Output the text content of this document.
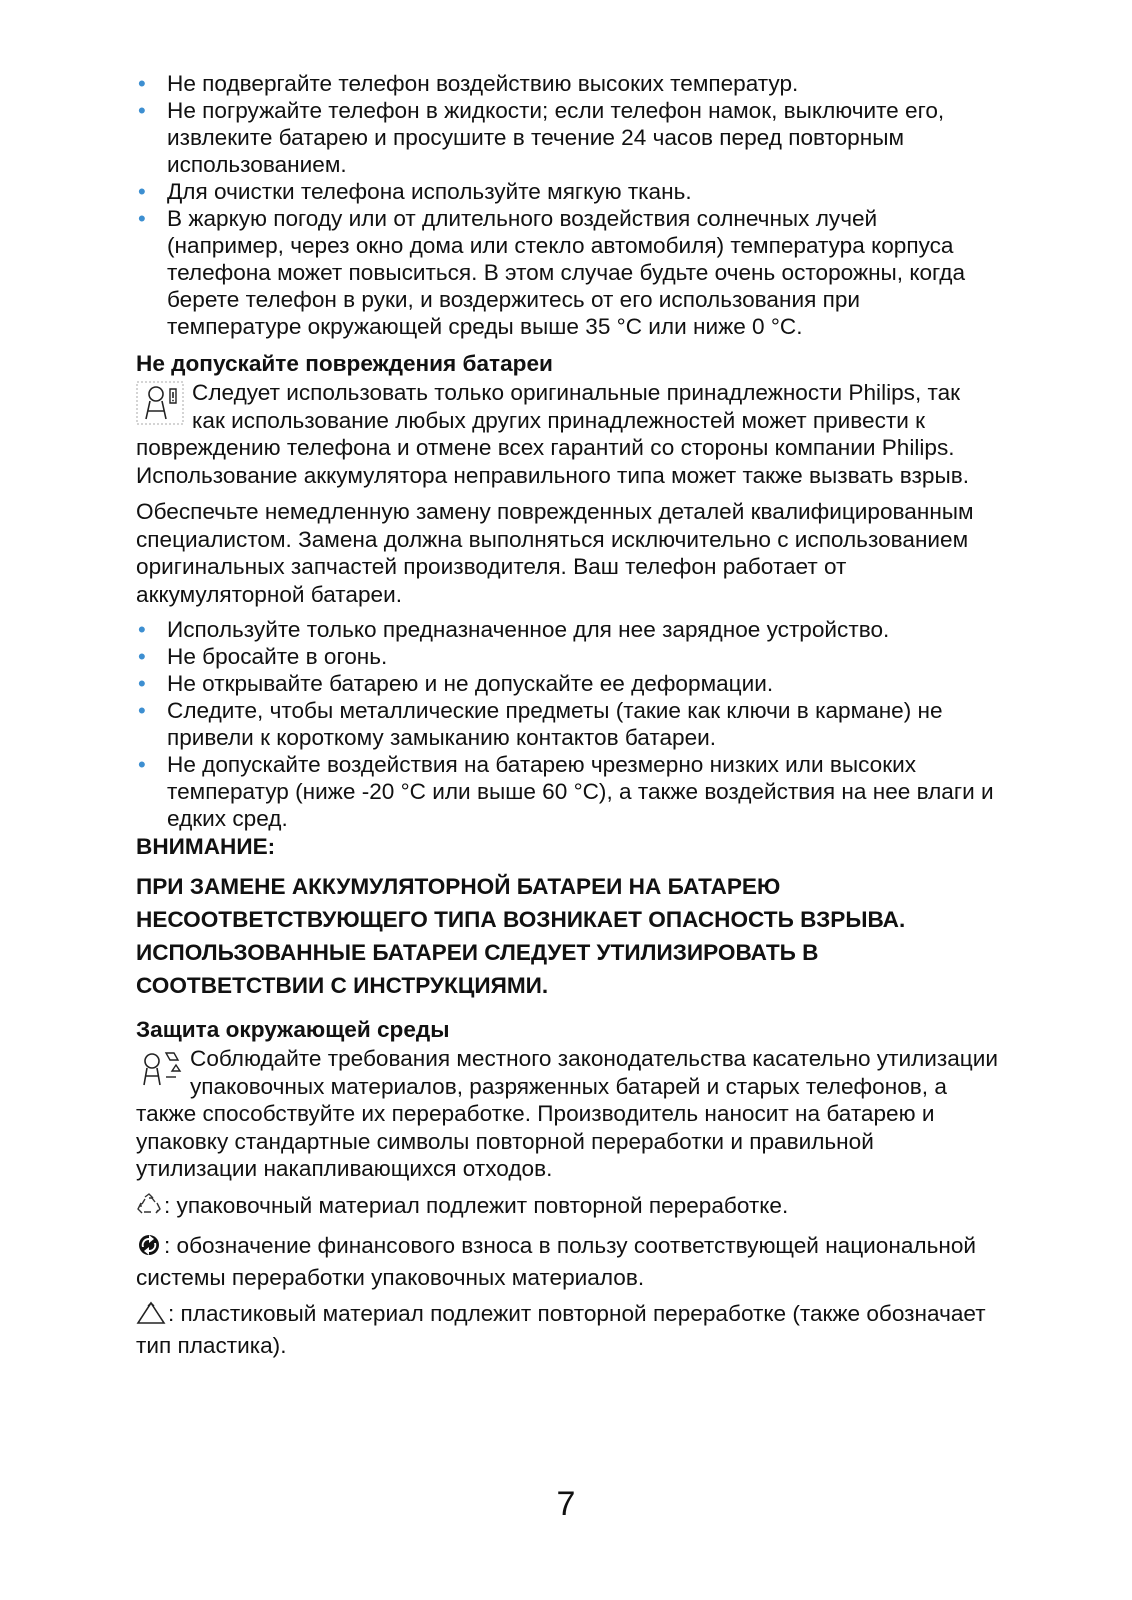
• Не подвергайте телефон воздействию высоких температур.
• Не погружайте телефон в жидкости; если телефон намок, выключите его, извлеките батарею и просушите в течение 24 часов перед повторным использованием.
• Для очистки телефона используйте мягкую ткань.
• В жаркую погоду или от длительного воздействия солнечных лучей (например, через окно дома или стекло автомобиля) температура корпуса телефона может повыситься. В этом случае будьте очень осторожны, когда берете телефон в руки, и воздержитесь от его использования при температуре окружающей среды выше 35 °C или ниже 0 °C.
Не допускайте повреждения батареи

Следует использовать только оригинальные принадлежности Philips, так как использование любых других принадлежностей может привести к повреждению телефона и отмене всех гарантий со стороны компании Philips. Использование аккумулятора неправильного типа может также вызвать взрыв.

Обеспечьте немедленную замену поврежденных деталей квалифицированным специалистом. Замена должна выполняться исключительно с использованием оригинальных запчастей производителя. Ваш телефон работает от аккумуляторной батареи.

• Используйте только предназначенное для нее зарядное устройство.
• Не бросайте в огонь.
• Не открывайте батарею и не допускайте ее деформации.
• Следите, чтобы металлические предметы (такие как ключи в кармане) не привели к короткому замыканию контактов батареи.
• Не допускайте воздействия на батарею чрезмерно низких или высоких температур (ниже -20 °C или выше 60 °C), а также воздействия на нее влаги и едких сред.
ВНИМАНИЕ:
ПРИ ЗАМЕНЕ АККУМУЛЯТОРНОЙ БАТАРЕИ НА БАТАРЕЮ НЕСООТВЕТСТВУЮЩЕГО ТИПА ВОЗНИКАЕТ ОПАСНОСТЬ ВЗРЫВА. ИСПОЛЬЗОВАННЫЕ БАТАРЕИ СЛЕДУЕТ УТИЛИЗИРОВАТЬ В СООТВЕТСТВИИ С ИНСТРУКЦИЯМИ.
Защита окружающей среды

Соблюдайте требования местного законодательства касательно утилизации упаковочных материалов, разряженных батарей и старых телефонов, а также способствуйте их переработке. Производитель наносит на батарею и упаковку стандартные символы повторной переработки и правильной утилизации накапливающихся отходов.

: упаковочный материал подлежит повторной переработке.
: обозначение финансового взноса в пользу соответствующей национальной системы переработки упаковочных материалов.
: пластиковый материал подлежит повторной переработке (также обозначает тип пластика).
7
